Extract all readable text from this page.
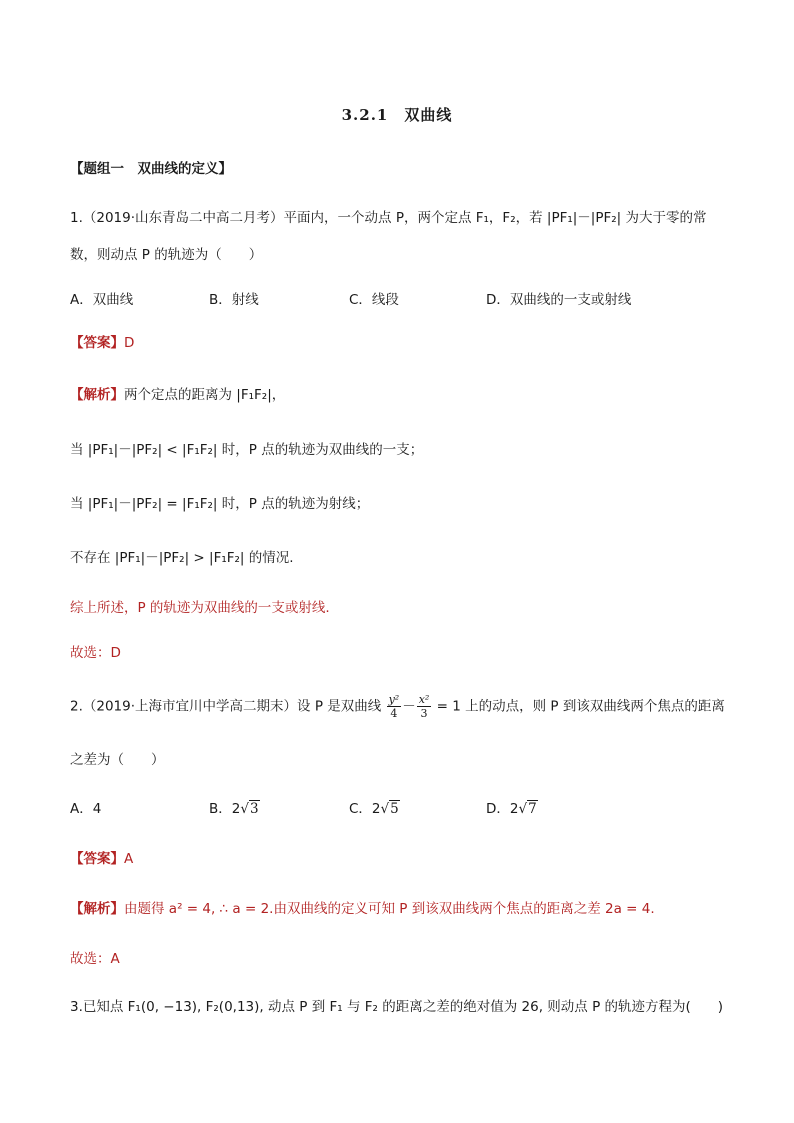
3.2.1　双曲线
【题组一　双曲线的定义】
1.（2019·山东青岛二中高二月考）平面内，一个动点 P，两个定点 F₁，F₂，若 |PF₁|－|PF₂| 为大于零的常
数，则动点 P 的轨迹为（　　）
A．双曲线	B．射线	C．线段	D．双曲线的一支或射线
【答案】D
【解析】两个定点的距离为 |F₁F₂|，
当 |PF₁|－|PF₂| < |F₁F₂| 时，P 点的轨迹为双曲线的一支；
当 |PF₁|－|PF₂| = |F₁F₂| 时，P 点的轨迹为射线；
不存在 |PF₁|－|PF₂| > |F₁F₂| 的情况.
综上所述，P 的轨迹为双曲线的一支或射线.
故选：D
2.（2019·上海市宜川中学高二期末）设 P 是双曲线 $\frac{\text{y²}}{4} - \frac{\text{x²}}{3} = 1$ 上的动点，则 P 到该双曲线两个焦点的距离
之差为（　　）
A．4	B．2√3	C．2√5	D．2√7
【答案】A
【解析】由题得 a² = 4, ∴ a = 2.由双曲线的定义可知 P 到该双曲线两个焦点的距离之差 2a = 4.
故选：A
3.已知点 F₁(0, −13), F₂(0,13), 动点 P 到 F₁ 与 F₂ 的距离之差的绝对值为 26, 则动点 P 的轨迹方程为(　　)
